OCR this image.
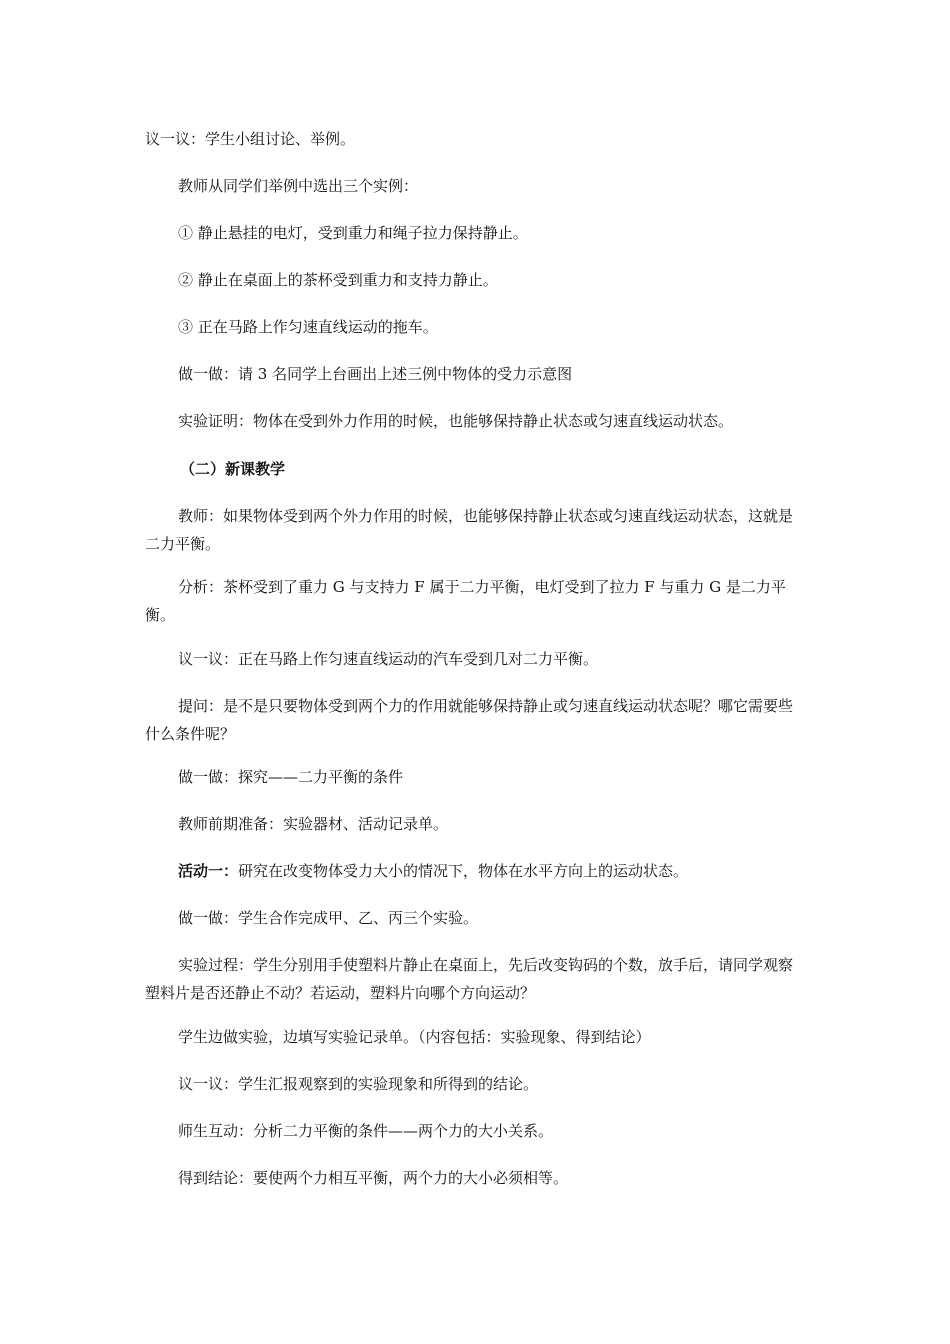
议一议：学生小组讨论、举例。

教师从同学们举例中选出三个实例：

① 静止悬挂的电灯，受到重力和绳子拉力保持静止。

② 静止在桌面上的茶杯受到重力和支持力静止。

③ 正在马路上作匀速直线运动的拖车。

做一做：请 3 名同学上台画出上述三例中物体的受力示意图

实验证明：物体在受到外力作用的时候，也能够保持静止状态或匀速直线运动状态。

（二）新课教学

教师：如果物体受到两个外力作用的时候，也能够保持静止状态或匀速直线运动状态，这就是二力平衡。

分析：茶杯受到了重力 G 与支持力 F 属于二力平衡，电灯受到了拉力 F 与重力 G 是二力平衡。

议一议：正在马路上作匀速直线运动的汽车受到几对二力平衡。

提问：是不是只要物体受到两个力的作用就能够保持静止或匀速直线运动状态呢？哪它需要些什么条件呢？

做一做：探究——二力平衡的条件

教师前期准备：实验器材、活动记录单。

活动一：研究在改变物体受力大小的情况下，物体在水平方向上的运动状态。

做一做：学生合作完成甲、乙、丙三个实验。

实验过程：学生分别用手使塑料片静止在桌面上，先后改变钩码的个数，放手后，请同学观察塑料片是否还静止不动？若运动，塑料片向哪个方向运动？

学生边做实验，边填写实验记录单。（内容包括：实验现象、得到结论）

议一议：学生汇报观察到的实验现象和所得到的结论。

师生互动：分析二力平衡的条件——两个力的大小关系。

得到结论：要使两个力相互平衡，两个力的大小必须相等。
